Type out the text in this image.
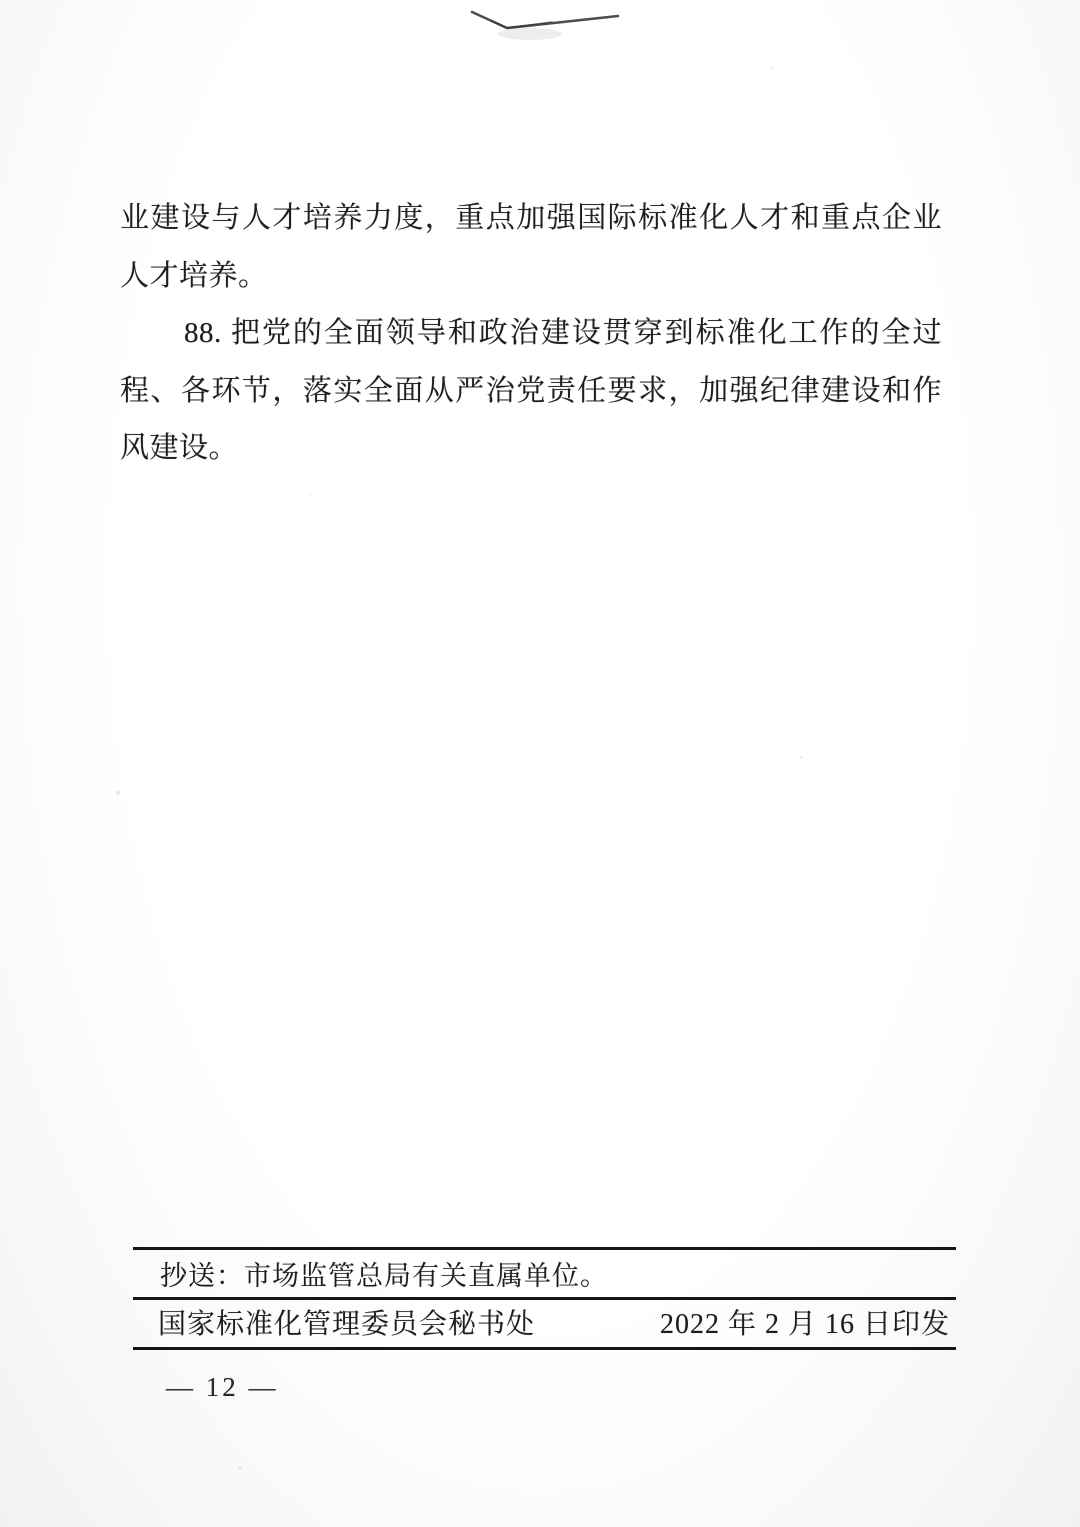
业建设与人才培养力度，重点加强国际标准化人才和重点企业人才培养。

88. 把党的全面领导和政治建设贯穿到标准化工作的全过程、各环节，落实全面从严治党责任要求，加强纪律建设和作风建设。

抄送：市场监管总局有关直属单位。
国家标准化管理委员会秘书处	2022 年 2 月 16 日印发
— 12 —
